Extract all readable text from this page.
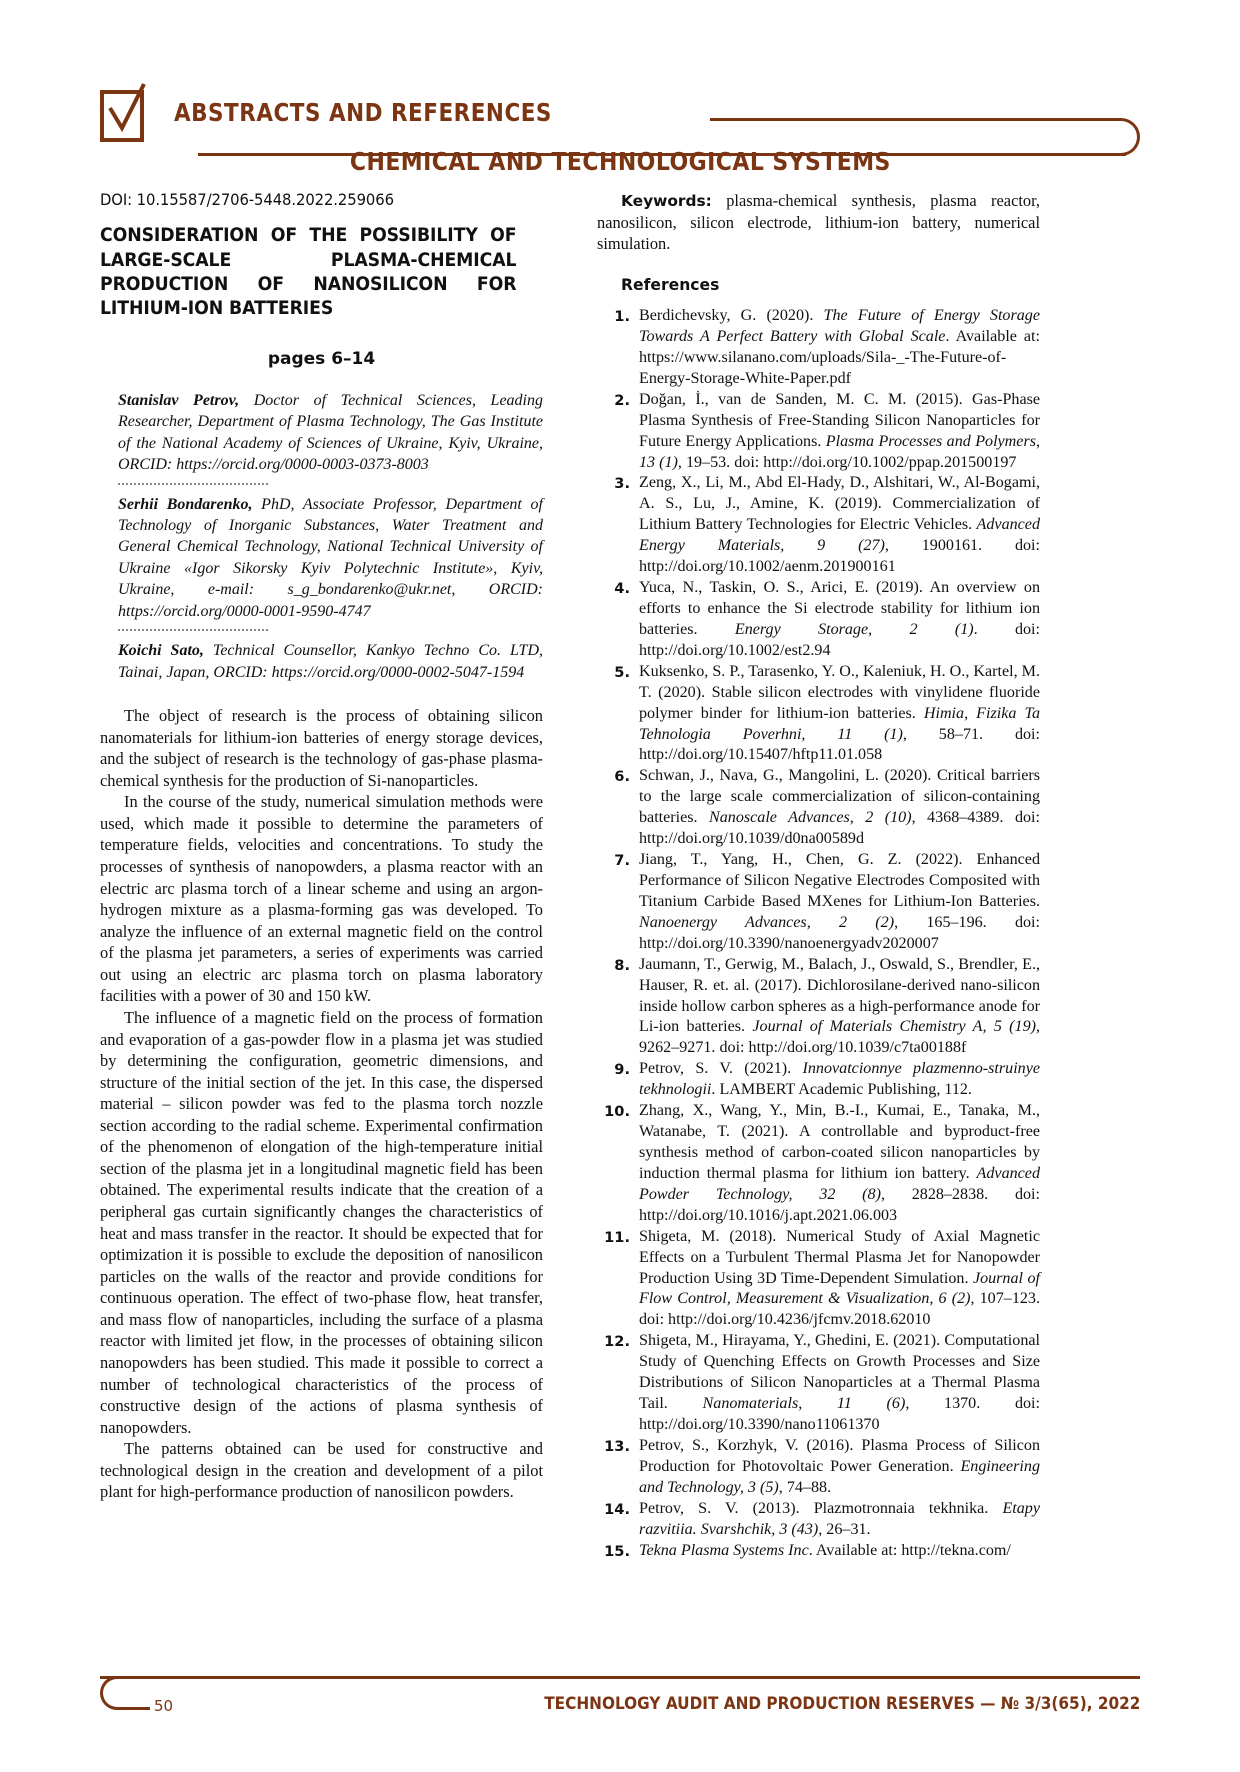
ABSTRACTS AND REFERENCES
CHEMICAL AND TECHNOLOGICAL SYSTEMS
DOI: 10.15587/2706-5448.2022.259066
CONSIDERATION OF THE POSSIBILITY OF LARGE-SCALE PLASMA-CHEMICAL PRODUCTION OF NANOSILICON FOR LITHIUM-ION BATTERIES
pages 6–14
Stanislav Petrov, Doctor of Technical Sciences, Leading Researcher, Department of Plasma Technology, The Gas Institute of the National Academy of Sciences of Ukraine, Kyiv, Ukraine, ORCID: https://orcid.org/0000-0003-0373-8003
Serhii Bondarenko, PhD, Associate Professor, Department of Technology of Inorganic Substances, Water Treatment and General Chemical Technology, National Technical University of Ukraine «Igor Sikorsky Kyiv Polytechnic Institute», Kyiv, Ukraine, e-mail: s_g_bondarenko@ukr.net, ORCID: https://orcid.org/0000-0001-9590-4747
Koichi Sato, Technical Counsellor, Kankyo Techno Co. LTD, Tainai, Japan, ORCID: https://orcid.org/0000-0002-5047-1594

The object of research is the process of obtaining silicon nanomaterials for lithium-ion batteries of energy storage devices, and the subject of research is the technology of gas-phase plasma-chemical synthesis for the production of Si-nanoparticles.

In the course of the study, numerical simulation methods were used, which made it possible to determine the parameters of temperature fields, velocities and concentrations. To study the processes of synthesis of nanopowders, a plasma reactor with an electric arc plasma torch of a linear scheme and using an argon-hydrogen mixture as a plasma-forming gas was developed. To analyze the influence of an external magnetic field on the control of the plasma jet parameters, a series of experiments was carried out using an electric arc plasma torch on plasma laboratory facilities with a power of 30 and 150 kW.

The influence of a magnetic field on the process of formation and evaporation of a gas-powder flow in a plasma jet was studied by determining the configuration, geometric dimensions, and structure of the initial section of the jet. In this case, the dispersed material – silicon powder was fed to the plasma torch nozzle section according to the radial scheme. Experimental confirmation of the phenomenon of elongation of the high-temperature initial section of the plasma jet in a longitudinal magnetic field has been obtained. The experimental results indicate that the creation of a peripheral gas curtain significantly changes the characteristics of heat and mass transfer in the reactor. It should be expected that for optimization it is possible to exclude the deposition of nanosilicon particles on the walls of the reactor and provide conditions for continuous operation. The effect of two-phase flow, heat transfer, and mass flow of nanoparticles, including the surface of a plasma reactor with limited jet flow, in the processes of obtaining silicon nanopowders has been studied. This made it possible to correct a number of technological characteristics of the process of constructive design of the actions of plasma synthesis of nanopowders.

The patterns obtained can be used for constructive and technological design in the creation and development of a pilot plant for high-performance production of nanosilicon powders.

Keywords: plasma-chemical synthesis, plasma reactor, nanosilicon, silicon electrode, lithium-ion battery, numerical simulation.

References
Berdichevsky, G. (2020). The Future of Energy Storage Towards A Perfect Battery with Global Scale. Available at: https://www.silanano.com/uploads/Sila-_-The-Future-of-Energy-Storage-White-Paper.pdf
Doğan, İ., van de Sanden, M. C. M. (2015). Gas-Phase Plasma Synthesis of Free-Standing Silicon Nanoparticles for Future Energy Applications. Plasma Processes and Polymers, 13 (1), 19–53. doi: http://doi.org/10.1002/ppap.201500197
Zeng, X., Li, M., Abd El-Hady, D., Alshitari, W., Al-Bogami, A. S., Lu, J., Amine, K. (2019). Commercialization of Lithium Battery Technologies for Electric Vehicles. Advanced Energy Materials, 9 (27), 1900161. doi: http://doi.org/10.1002/aenm.201900161
Yuca, N., Taskin, O. S., Arici, E. (2019). An overview on efforts to enhance the Si electrode stability for lithium ion batteries. Energy Storage, 2 (1). doi: http://doi.org/10.1002/est2.94
Kuksenko, S. P., Tarasenko, Y. O., Kaleniuk, H. O., Kartel, M. T. (2020). Stable silicon electrodes with vinylidene fluoride polymer binder for lithium-ion batteries. Himia, Fizika Ta Tehnologia Poverhni, 11 (1), 58–71. doi: http://doi.org/10.15407/hftp11.01.058
Schwan, J., Nava, G., Mangolini, L. (2020). Critical barriers to the large scale commercialization of silicon-containing batteries. Nanoscale Advances, 2 (10), 4368–4389. doi: http://doi.org/10.1039/d0na00589d
Jiang, T., Yang, H., Chen, G. Z. (2022). Enhanced Performance of Silicon Negative Electrodes Composited with Titanium Carbide Based MXenes for Lithium-Ion Batteries. Nanoenergy Advances, 2 (2), 165–196. doi: http://doi.org/10.3390/nanoenergyadv2020007
Jaumann, T., Gerwig, M., Balach, J., Oswald, S., Brendler, E., Hauser, R. et. al. (2017). Dichlorosilane-derived nano-silicon inside hollow carbon spheres as a high-performance anode for Li-ion batteries. Journal of Materials Chemistry A, 5 (19), 9262–9271. doi: http://doi.org/10.1039/c7ta00188f
Petrov, S. V. (2021). Innovatcionnye plazmenno-struinye tekhnologii. LAMBERT Academic Publishing, 112.
Zhang, X., Wang, Y., Min, B.-I., Kumai, E., Tanaka, M., Watanabe, T. (2021). A controllable and byproduct-free synthesis method of carbon-coated silicon nanoparticles by induction thermal plasma for lithium ion battery. Advanced Powder Technology, 32 (8), 2828–2838. doi: http://doi.org/10.1016/j.apt.2021.06.003
Shigeta, M. (2018). Numerical Study of Axial Magnetic Effects on a Turbulent Thermal Plasma Jet for Nanopowder Production Using 3D Time-Dependent Simulation. Journal of Flow Control, Measurement & Visualization, 6 (2), 107–123. doi: http://doi.org/10.4236/jfcmv.2018.62010
Shigeta, M., Hirayama, Y., Ghedini, E. (2021). Computational Study of Quenching Effects on Growth Processes and Size Distributions of Silicon Nanoparticles at a Thermal Plasma Tail. Nanomaterials, 11 (6), 1370. doi: http://doi.org/10.3390/nano11061370
Petrov, S., Korzhyk, V. (2016). Plasma Process of Silicon Production for Photovoltaic Power Generation. Engineering and Technology, 3 (5), 74–88.
Petrov, S. V. (2013). Plazmotronnaia tekhnika. Etapy razvitiia. Svarshchik, 3 (43), 26–31.
Tekna Plasma Systems Inc. Available at: http://tekna.com/
50	TECHNOLOGY AUDIT AND PRODUCTION RESERVES — № 3/3(65), 2022
